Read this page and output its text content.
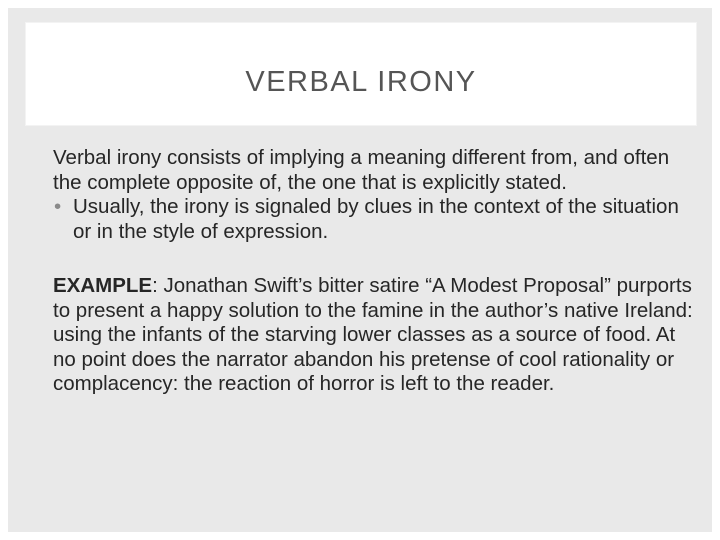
VERBAL IRONY

Verbal irony consists of implying a meaning different from, and often the complete opposite of, the one that is explicitly stated.

• Usually, the irony is signaled by clues in the context of the situation or in the style of expression.

EXAMPLE: Jonathan Swift’s bitter satire “A Modest Proposal” purports to present a happy solution to the famine in the author’s native Ireland: using the infants of the starving lower classes as a source of food. At no point does the narrator abandon his pretense of cool rationality or complacency: the reaction of horror is left to the reader.
